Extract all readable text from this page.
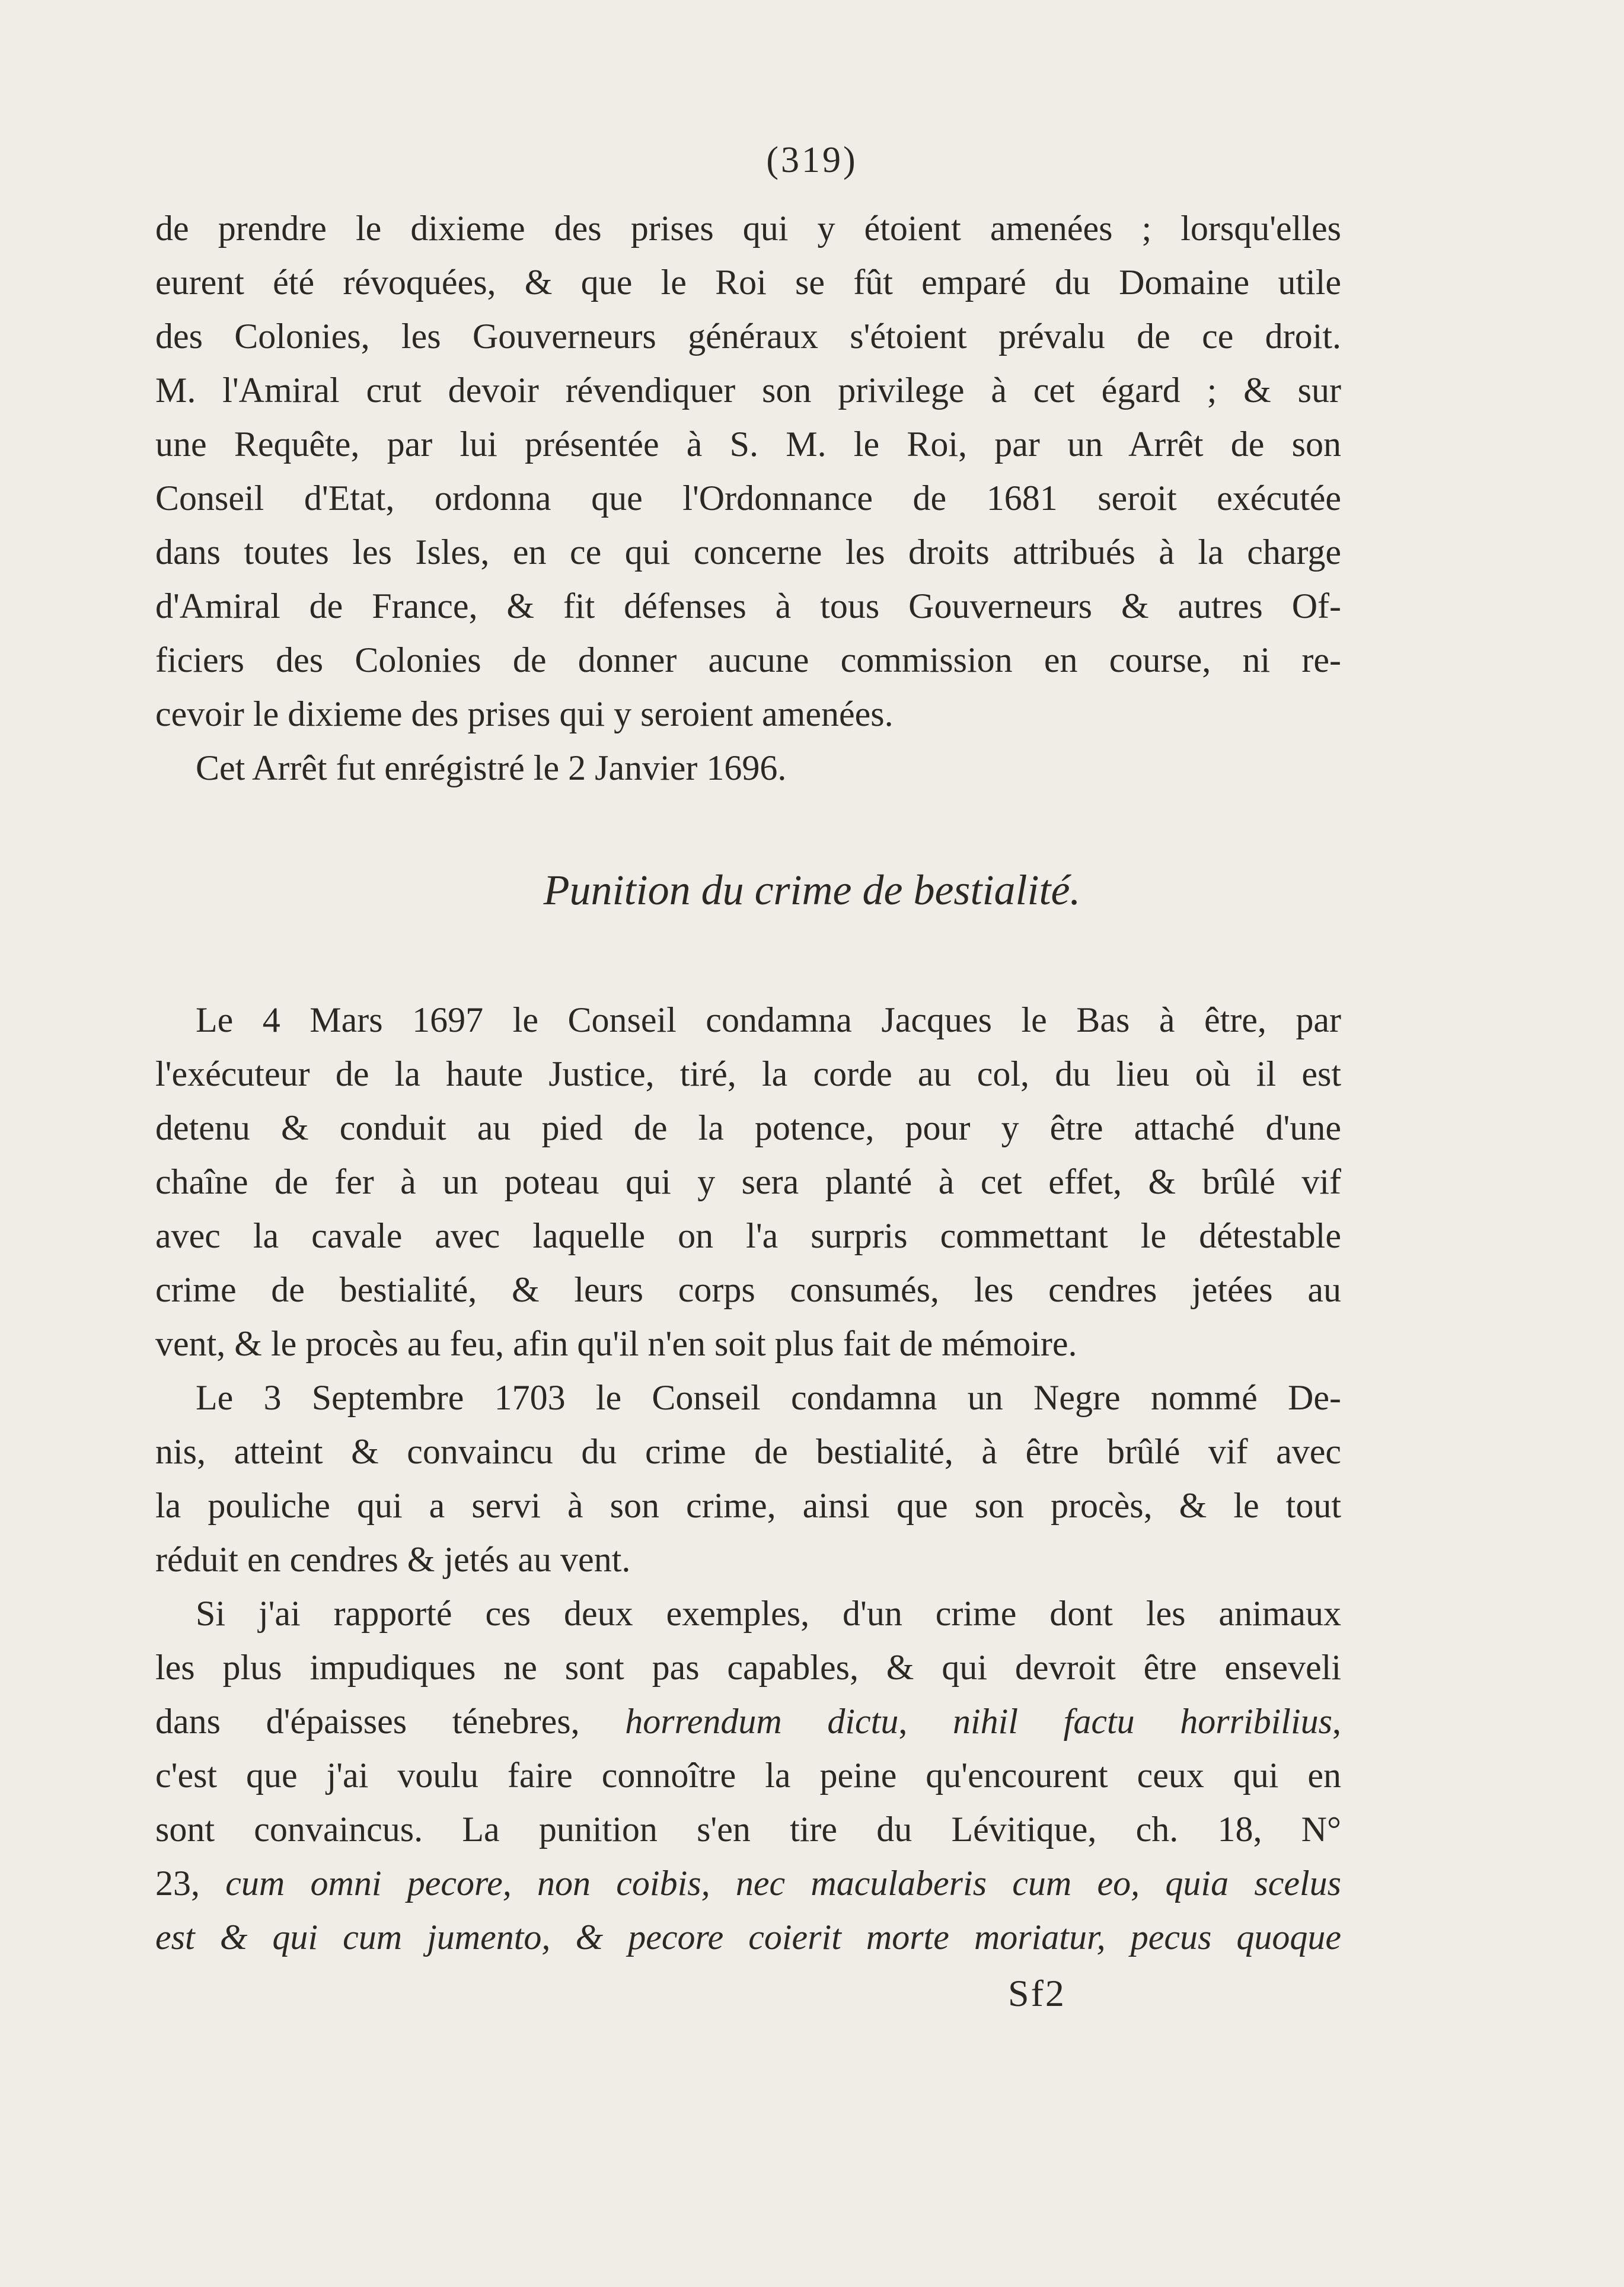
(319)
de prendre le dixieme des prises qui y étoient amenées ; lorsqu'elles
eurent été révoquées, & que le Roi se fût emparé du Domaine utile
des Colonies, les Gouverneurs généraux s'étoient prévalu de ce droit.
M. l'Amiral crut devoir révendiquer son privilege à cet égard ; & sur
une Requête, par lui présentée à S. M. le Roi, par un Arrêt de son
Conseil d'Etat, ordonna que l'Ordonnance de 1681 seroit exécutée
dans toutes les Isles, en ce qui concerne les droits attribués à la charge
d'Amiral de France, & fit défenses à tous Gouverneurs & autres Of-
ficiers des Colonies de donner aucune commission en course, ni re-
cevoir le dixieme des prises qui y seroient amenées.
Cet Arrêt fut enrégistré le 2 Janvier 1696.
Punition du crime de bestialité.
Le 4 Mars 1697 le Conseil condamna Jacques le Bas à être, par
l'exécuteur de la haute Justice, tiré, la corde au col, du lieu où il est
detenu & conduit au pied de la potence, pour y être attaché d'une
chaîne de fer à un poteau qui y sera planté à cet effet, & brûlé vif
avec la cavale avec laquelle on l'a surpris commettant le détestable
crime de bestialité, & leurs corps consumés, les cendres jetées au
vent, & le procès au feu, afin qu'il n'en soit plus fait de mémoire.
Le 3 Septembre 1703 le Conseil condamna un Negre nommé De-
nis, atteint & convaincu du crime de bestialité, à être brûlé vif avec
la pouliche qui a servi à son crime, ainsi que son procès, & le tout
réduit en cendres & jetés au vent.
Si j'ai rapporté ces deux exemples, d'un crime dont les animaux
les plus impudiques ne sont pas capables, & qui devroit être enseveli
dans d'épaisses ténebres, horrendum dictu, nihil factu horribilius,
c'est que j'ai voulu faire connoître la peine qu'encourent ceux qui en
sont convaincus. La punition s'en tire du Lévitique, ch. 18, N°
23, cum omni pecore, non coibis, nec maculaberis cum eo, quia scelus
est & qui cum jumento, & pecore coierit morte moriatur, pecus quoque
Sf2
